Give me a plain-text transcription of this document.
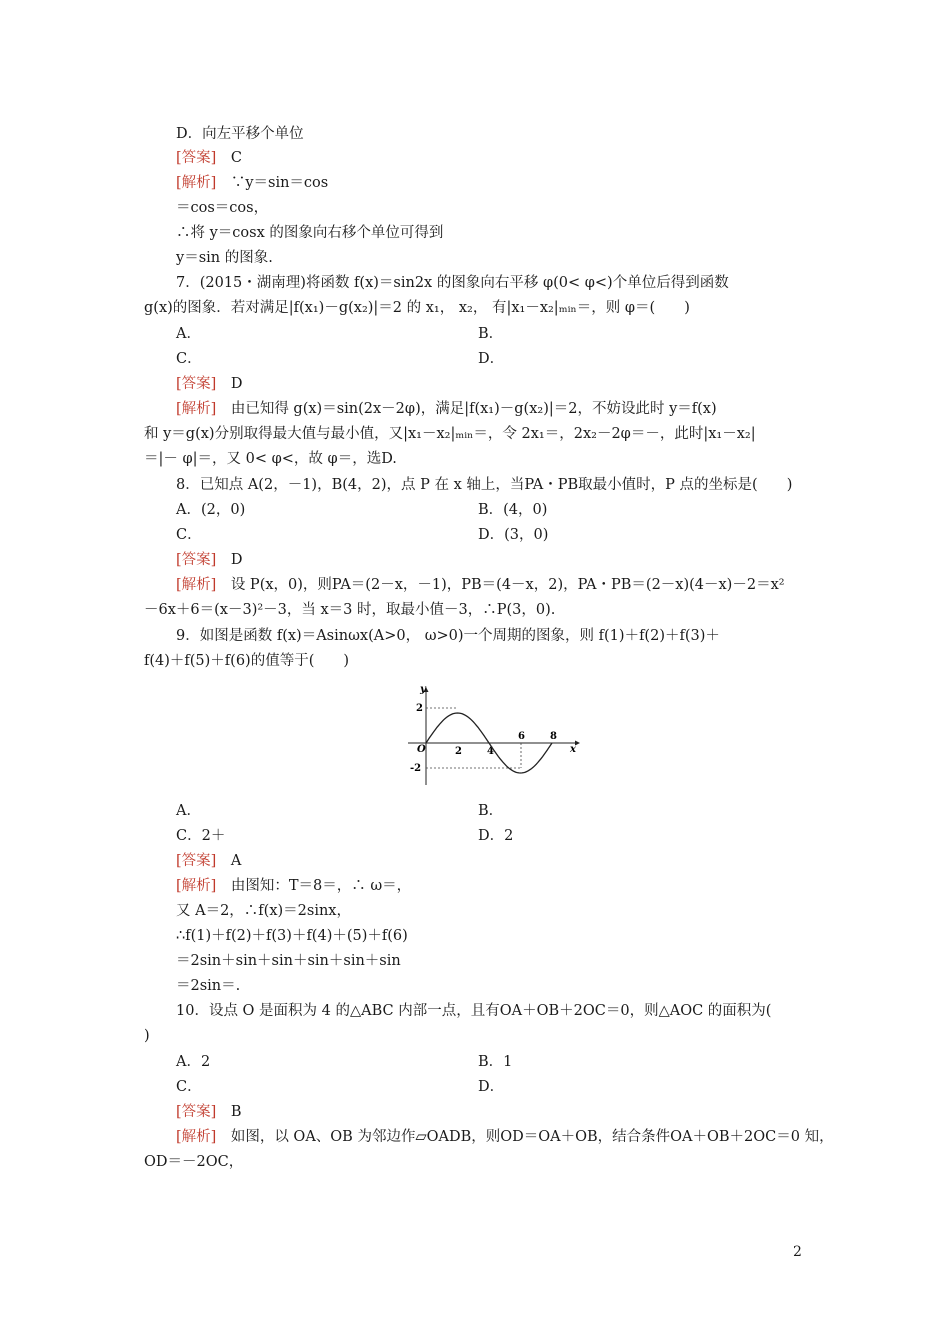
D．向左平移个单位
[答案]　C
[解析]　∵y＝sin＝cos
＝cos＝cos，
∴将 y＝cosx 的图象向右移个单位可得到
y＝sin 的图象.
7．(2015・湖南理)将函数 f(x)＝sin2x 的图象向右平移 φ(0< φ<)个单位后得到函数
g(x)的图象．若对满足|f(x₁)－g(x₂)|＝2 的 x₁， x₂， 有|x₁－x₂|ₘᵢₙ＝，则 φ＝(　　)
A．	B．
C．	D．
[答案]　D
[解析]　由已知得 g(x)＝sin(2x－2φ)，满足|f(x₁)－g(x₂)|＝2，不妨设此时 y＝f(x)
和 y＝g(x)分别取得最大值与最小值，又|x₁－x₂|ₘᵢₙ＝，令 2x₁＝，2x₂－2φ＝－，此时|x₁－x₂|
＝|－ φ|＝，又 0< φ<，故 φ＝，选D.
8．已知点 A(2，－1)，B(4，2)，点 P 在 x 轴上，当PA・PB取最小值时，P 点的坐标是(　　)
A．(2，0)	B．(4，0)
C．	D．(3，0)
[答案]　D
[解析]　设 P(x，0)，则PA＝(2－x，－1)，PB＝(4－x，2)，PA・PB＝(2－x)(4－x)－2＝x²
－6x＋6＝(x－3)²－3，当 x＝3 时，取最小值－3，∴P(3，0).
9．如图是函数 f(x)＝Asinωx(A>0， ω>0)一个周期的图象，则 f(1)＋f(2)＋f(3)＋
f(4)＋f(5)＋f(6)的值等于(　　)
y
x
O
2
-2
2	4
6	8
A．	B．
C．2＋	D．2
[答案]　A
[解析]　由图知：T＝8＝，∴ ω＝，
又 A＝2，∴f(x)＝2sinx，
∴f(1)＋f(2)＋f(3)＋f(4)＋(5)＋f(6)
＝2sin＋sin＋sin＋sin＋sin＋sin
＝2sin＝.
10．设点 O 是面积为 4 的△ABC 内部一点，且有OA＋OB＋2OC＝0，则△AOC 的面积为(
)
A．2	B．1
C．	D．
[答案]　B
[解析]　如图，以 OA、OB 为邻边作▱OADB，则OD＝OA＋OB，结合条件OA＋OB＋2OC＝0 知，
OD＝－2OC，
2
